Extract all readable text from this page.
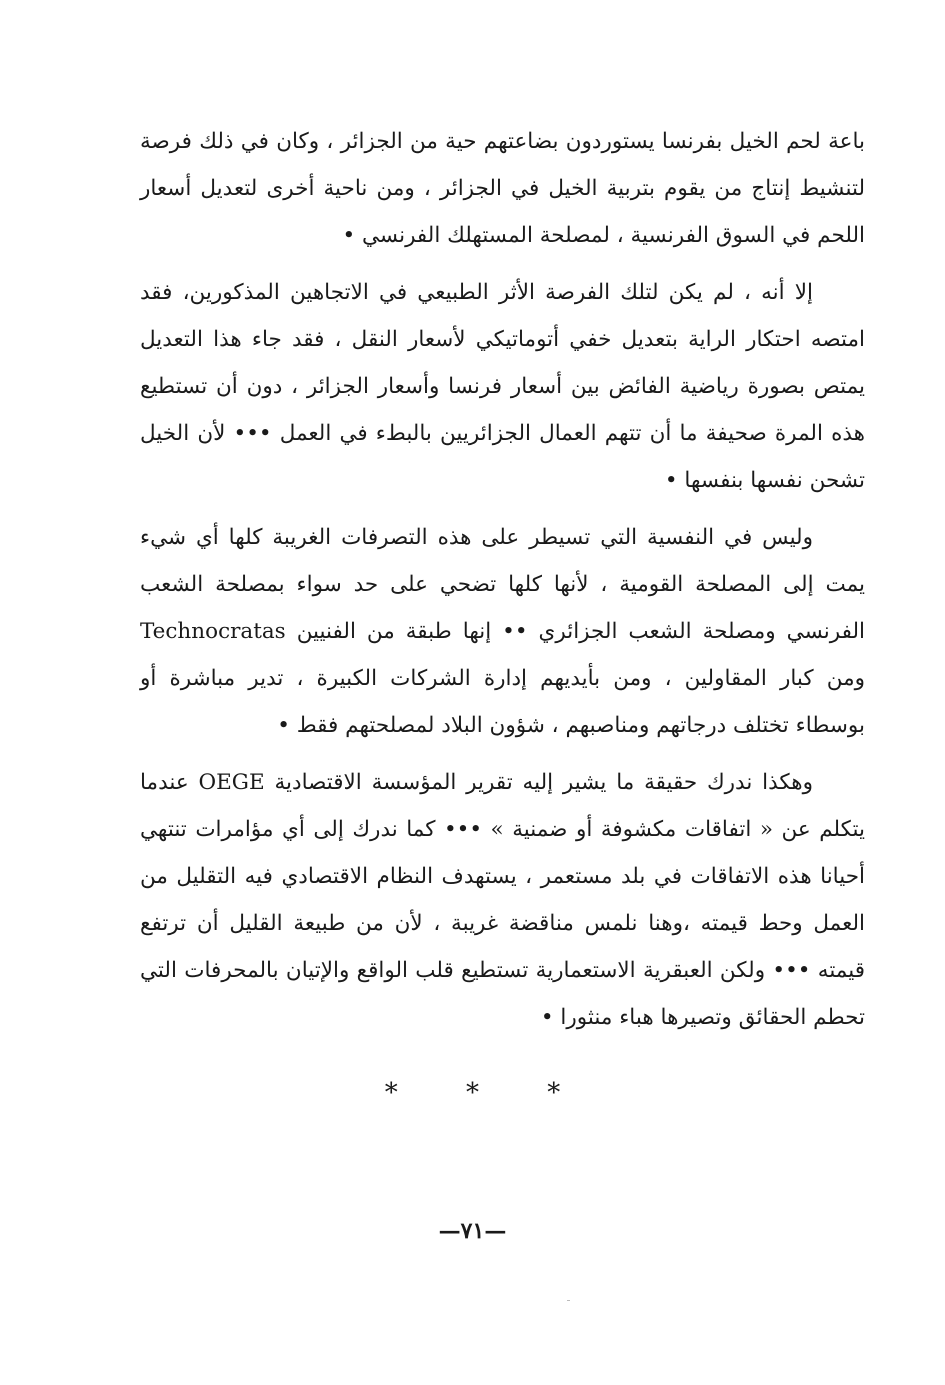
باعة لحم الخيل بفرنسا يستوردون بضاعتهم حية من الجزائر ، وكان في ذلك فرصة لتنشيط إنتاج من يقوم بتربية الخيل في الجزائر ، ومن ناحية أخرى لتعديل أسعار اللحم في السوق الفرنسية ، لمصلحة المستهلك الفرنسي •

إلا أنه ، لم يكن لتلك الفرصة الأثر الطبيعي في الاتجاهين المذكورين، فقد امتصه احتكار الراية بتعديل خفي أتوماتيكي لأسعار النقل ، فقد جاء هذا التعديل يمتص بصورة رياضية الفائض بين أسعار فرنسا وأسعار الجزائر ، دون أن تستطيع هذه المرة صحيفة ما أن تتهم العمال الجزائريين بالبطء في العمل ••• لأن الخيل تشحن نفسها بنفسها •

وليس في النفسية التي تسيطر على هذه التصرفات الغريبة كلها أي شيء يمت إلى المصلحة القومية ، لأنها كلها تضحي على حد سواء بمصلحة الشعب الفرنسي ومصلحة الشعب الجزائري •• إنها طبقة من الفنيين Technocratas ومن كبار المقاولين ، ومن بأيديهم إدارة الشركات الكبيرة ، تدير مباشرة أو بوسطاء تختلف درجاتهم ومناصبهم ، شؤون البلاد لمصلحتهم فقط •

وهكذا ندرك حقيقة ما يشير إليه تقرير المؤسسة الاقتصادية OEGE عندما يتكلم عن « اتفاقات مكشوفة أو ضمنية » ••• كما ندرك إلى أي مؤامرات تنتهي أحيانا هذه الاتفاقات في بلد مستعمر ، يستهدف النظام الاقتصادي فيه التقليل من العمل وحط قيمته ،وهنا نلمس مناقضة غريبة ، لأن من طبيعة القليل أن ترتفع قيمته ••• ولكن العبقرية الاستعمارية تستطيع قلب الواقع والإتيان بالمحرفات التي تحطم الحقائق وتصيرها هباء منثورا •

* * *
—٧١—
